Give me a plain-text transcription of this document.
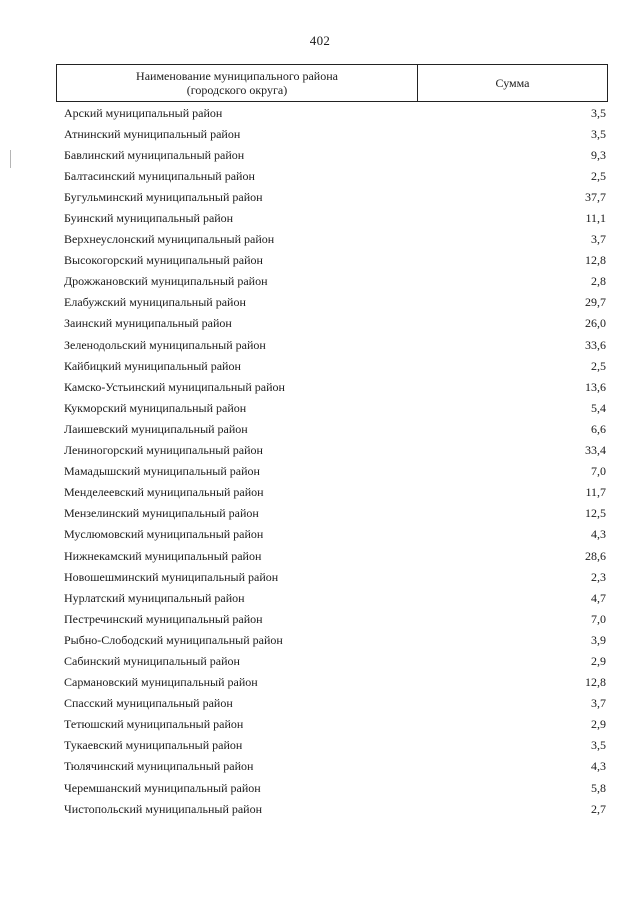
402
Наименование муниципального района
(городского округа)
Сумма
Арский муниципальный район	3,5
Атнинский муниципальный район	3,5
Бавлинский муниципальный район	9,3
Балтасинский муниципальный район	2,5
Бугульминский муниципальный район	37,7
Буинский муниципальный район	11,1
Верхнеуслонский муниципальный район	3,7
Высокогорский муниципальный район	12,8
Дрожжановский муниципальный район	2,8
Елабужский муниципальный район	29,7
Заинский муниципальный район	26,0
Зеленодольский муниципальный район	33,6
Кайбицкий муниципальный район	2,5
Камско-Устьинский муниципальный район	13,6
Кукморский муниципальный район	5,4
Лаишевский муниципальный район	6,6
Лениногорский муниципальный район	33,4
Мамадышский муниципальный район	7,0
Менделеевский муниципальный район	11,7
Мензелинский муниципальный район	12,5
Муслюмовский муниципальный район	4,3
Нижнекамский муниципальный район	28,6
Новошешминский муниципальный район	2,3
Нурлатский муниципальный район	4,7
Пестречинский муниципальный район	7,0
Рыбно-Слободский муниципальный район	3,9
Сабинский муниципальный район	2,9
Сармановский муниципальный район	12,8
Спасский муниципальный район	3,7
Тетюшский муниципальный район	2,9
Тукаевский муниципальный район	3,5
Тюлячинский муниципальный район	4,3
Черемшанский муниципальный район	5,8
Чистопольский муниципальный район	2,7
